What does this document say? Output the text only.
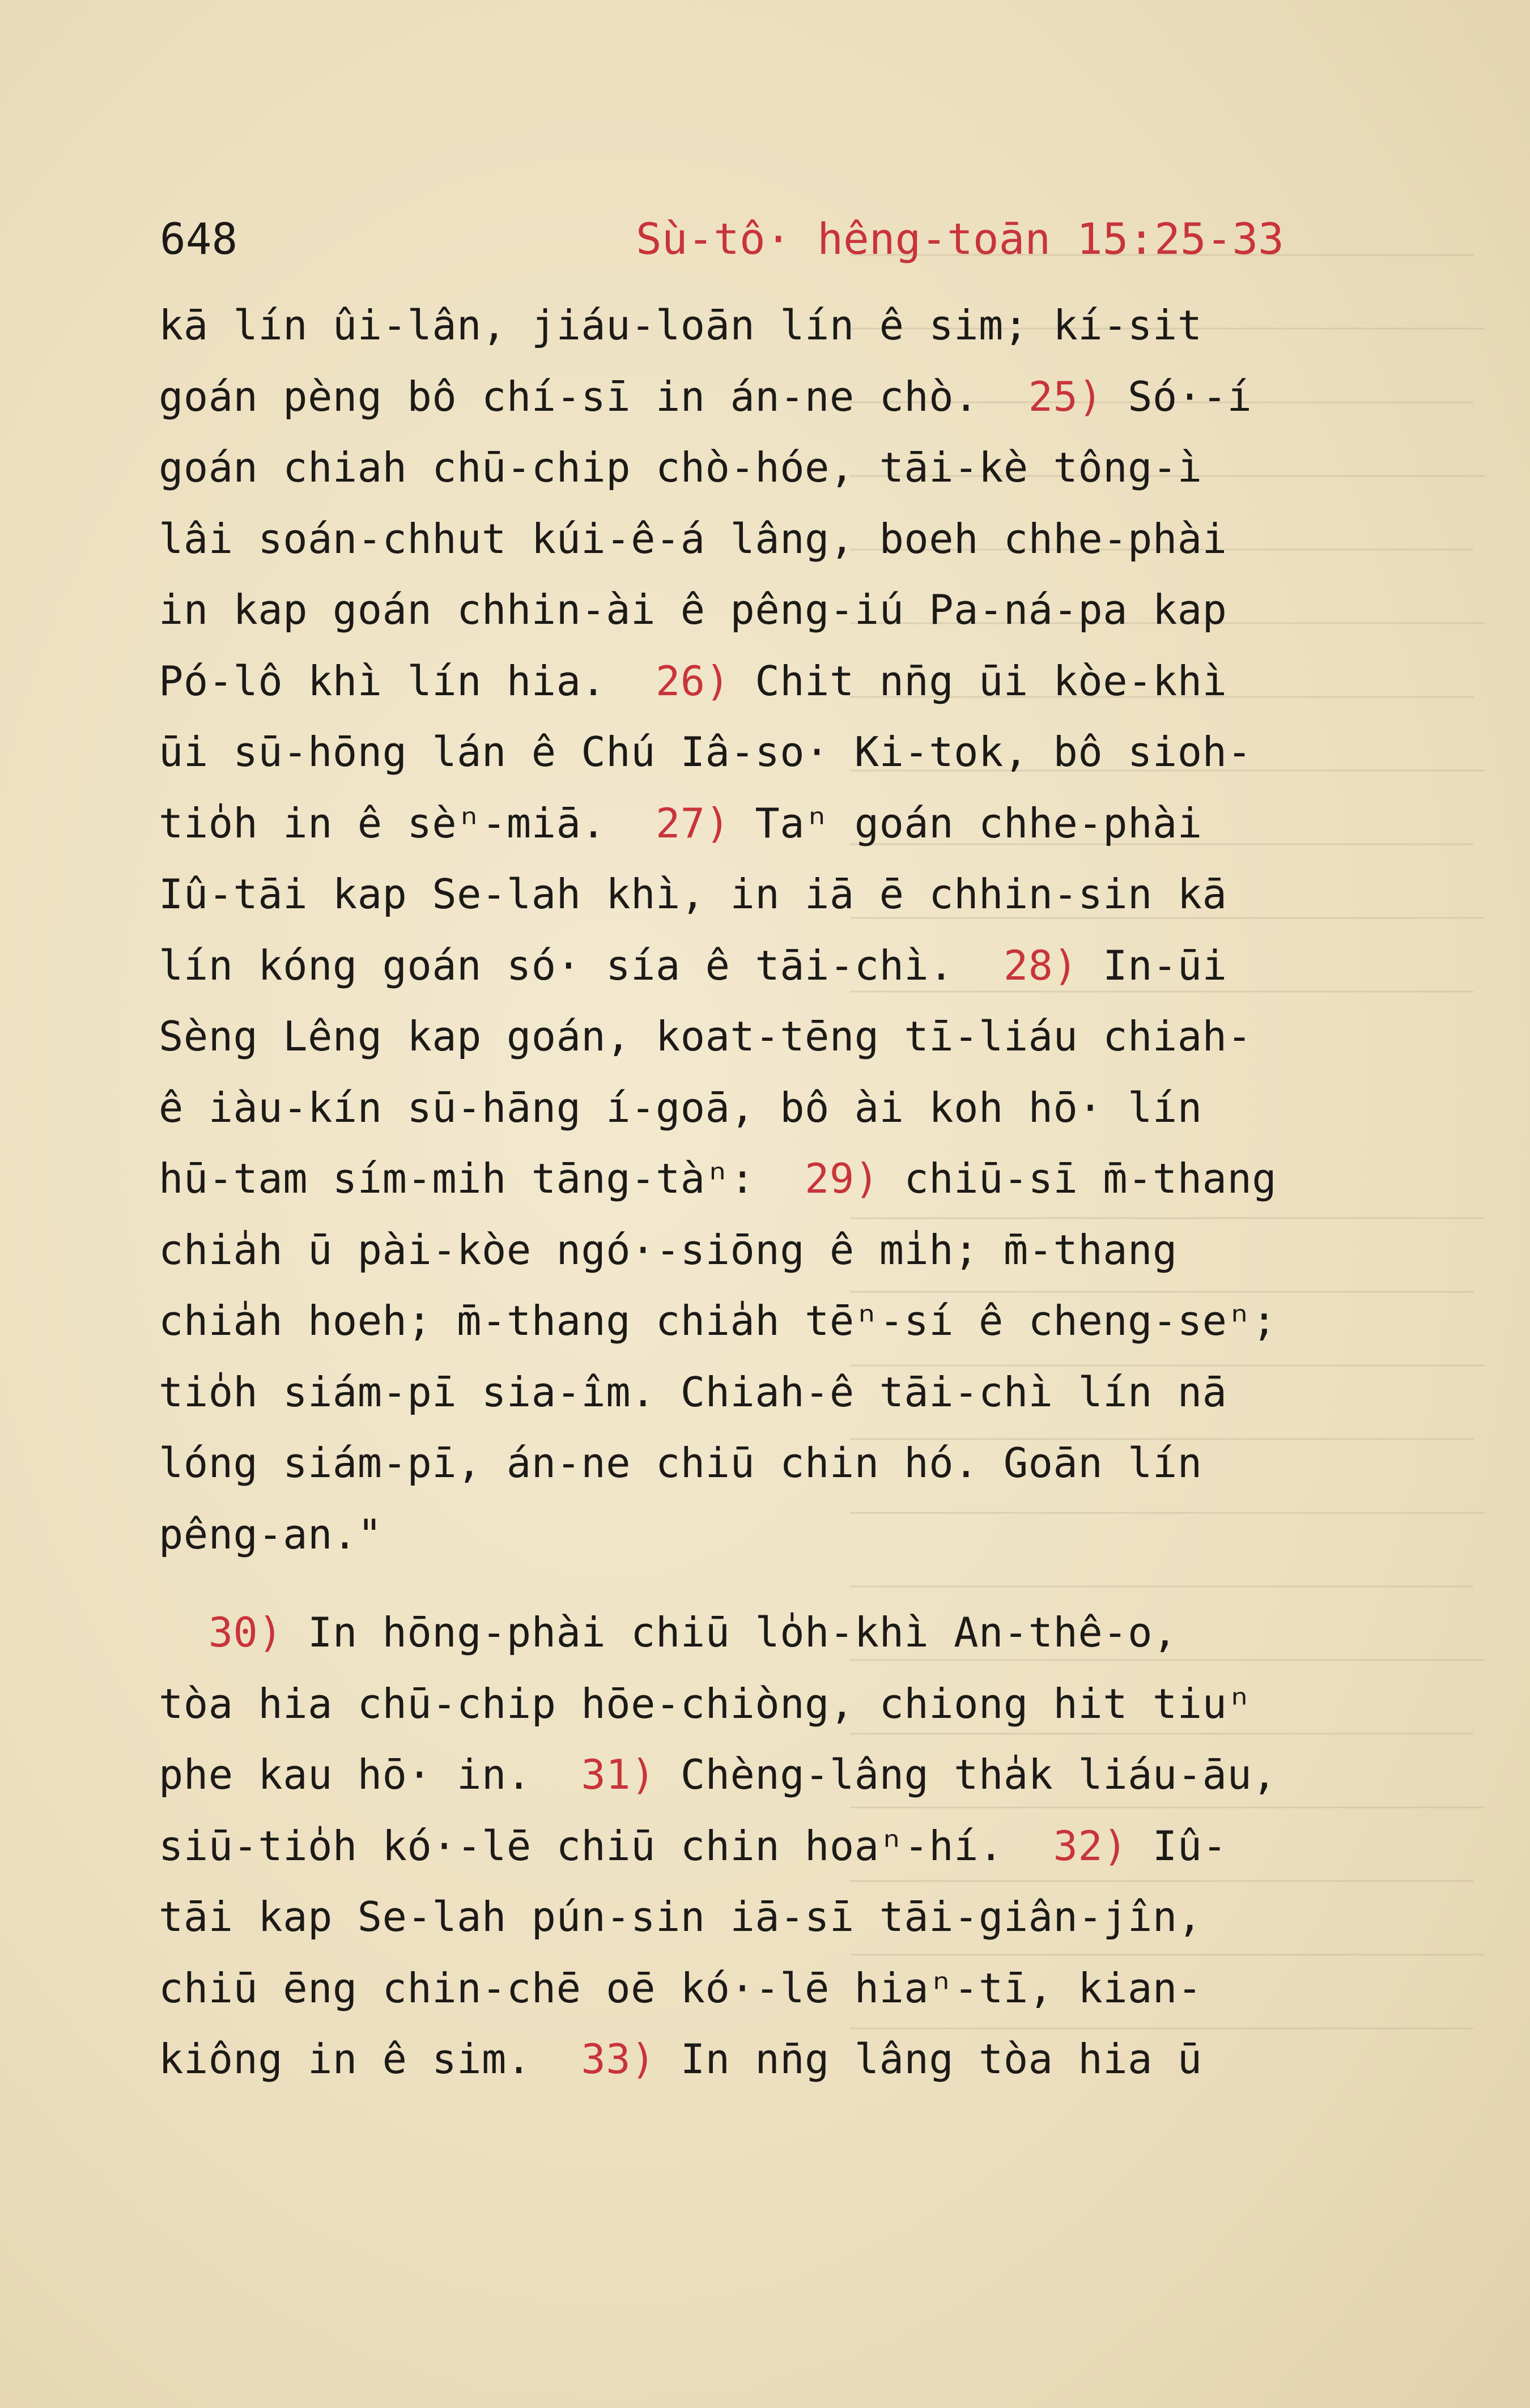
648	Sù-tô· hêng-toān 15:25-33
kā lín ûi-lân, jiáu-loān lín ê sim; kí-sit
goán pèng bô chí-sī in án-ne chò.  25) Só·-í
goán chiah chū-chip chò-hóe, tāi-kè tông-ì
lâi soán-chhut kúi-ê-á lâng, boeh chhe-phài
in kap goán chhin-ài ê pêng-iú Pa-ná-pa kap
Pó-lô khì lín hia.  26) Chit nn̄g ūi kòe-khì
ūi sū-hōng lán ê Chú Iâ-so· Ki-tok, bô sioh-
tio̍h in ê sèⁿ-miā.  27) Taⁿ goán chhe-phài
Iû-tāi kap Se-lah khì, in iā ē chhin-sin kā
lín kóng goán só· sía ê tāi-chì.  28) In-ūi
Sèng Lêng kap goán, koat-tēng tī-liáu chiah-
ê iàu-kín sū-hāng í-goā, bô ài koh hō· lín
hū-tam sím-mih tāng-tàⁿ:  29) chiū-sī m̄-thang
chia̍h ū pài-kòe ngó·-siōng ê mi̍h; m̄-thang
chia̍h hoeh; m̄-thang chia̍h tēⁿ-sí ê cheng-seⁿ;
tio̍h siám-pī sia-îm. Chiah-ê tāi-chì lín nā
lóng siám-pī, án-ne chiū chin hó. Goān lín
pêng-an."
30) In hōng-phài chiū lo̍h-khì An-thê-o,
tòa hia chū-chip hōe-chiòng, chiong hit tiuⁿ
phe kau hō· in.  31) Chèng-lâng tha̍k liáu-āu,
siū-tio̍h kó·-lē chiū chin hoaⁿ-hí.  32) Iû-
tāi kap Se-lah pún-sin iā-sī tāi-giân-jîn,
chiū ēng chin-chē oē kó·-lē hiaⁿ-tī, kian-
kiông in ê sim.  33) In nn̄g lâng tòa hia ū
